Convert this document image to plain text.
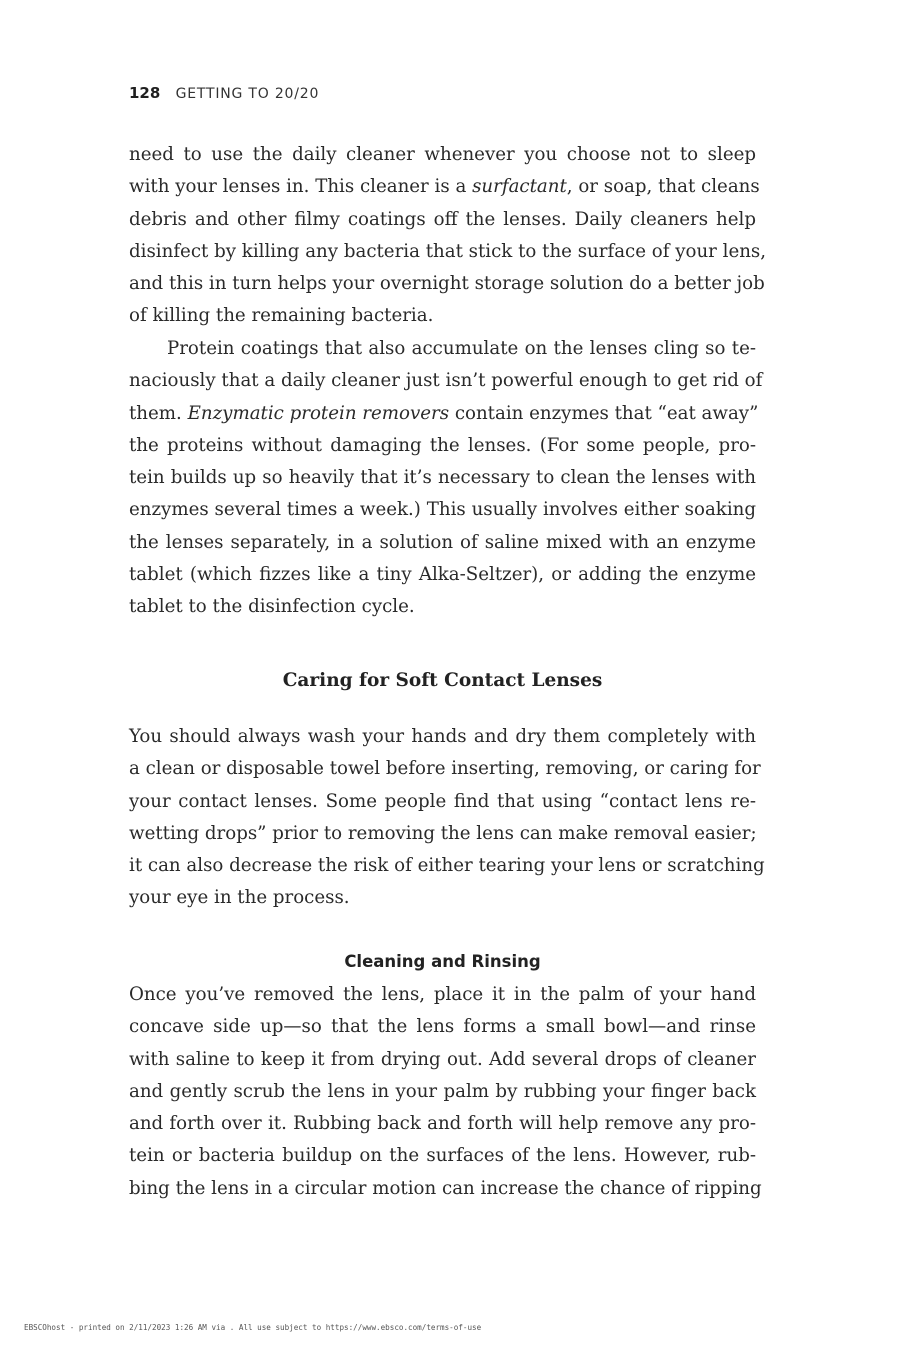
128 GETTING TO 20/20
need to use the daily cleaner whenever you choose not to sleep
with your lenses in. This cleaner is a surfactant, or soap, that cleans
debris and other filmy coatings off the lenses. Daily cleaners help
disinfect by killing any bacteria that stick to the surface of your lens,
and this in turn helps your overnight storage solution do a better job
of killing the remaining bacteria.
Protein coatings that also accumulate on the lenses cling so te-
naciously that a daily cleaner just isn’t powerful enough to get rid of
them. Enzymatic protein removers contain enzymes that “eat away”
the proteins without damaging the lenses. (For some people, pro-
tein builds up so heavily that it’s necessary to clean the lenses with
enzymes several times a week.) This usually involves either soaking
the lenses separately, in a solution of saline mixed with an enzyme
tablet (which fizzes like a tiny Alka-Seltzer), or adding the enzyme
tablet to the disinfection cycle.
Caring for Soft Contact Lenses
You should always wash your hands and dry them completely with
a clean or disposable towel before inserting, removing, or caring for
your contact lenses. Some people find that using “contact lens re-
wetting drops” prior to removing the lens can make removal easier;
it can also decrease the risk of either tearing your lens or scratching
your eye in the process.
Cleaning and Rinsing
Once you’ve removed the lens, place it in the palm of your hand
concave side up—so that the lens forms a small bowl—and rinse
with saline to keep it from drying out. Add several drops of cleaner
and gently scrub the lens in your palm by rubbing your finger back
and forth over it. Rubbing back and forth will help remove any pro-
tein or bacteria buildup on the surfaces of the lens. However, rub-
bing the lens in a circular motion can increase the chance of ripping
EBSCOhost - printed on 2/11/2023 1:26 AM via . All use subject to https://www.ebsco.com/terms-of-use
